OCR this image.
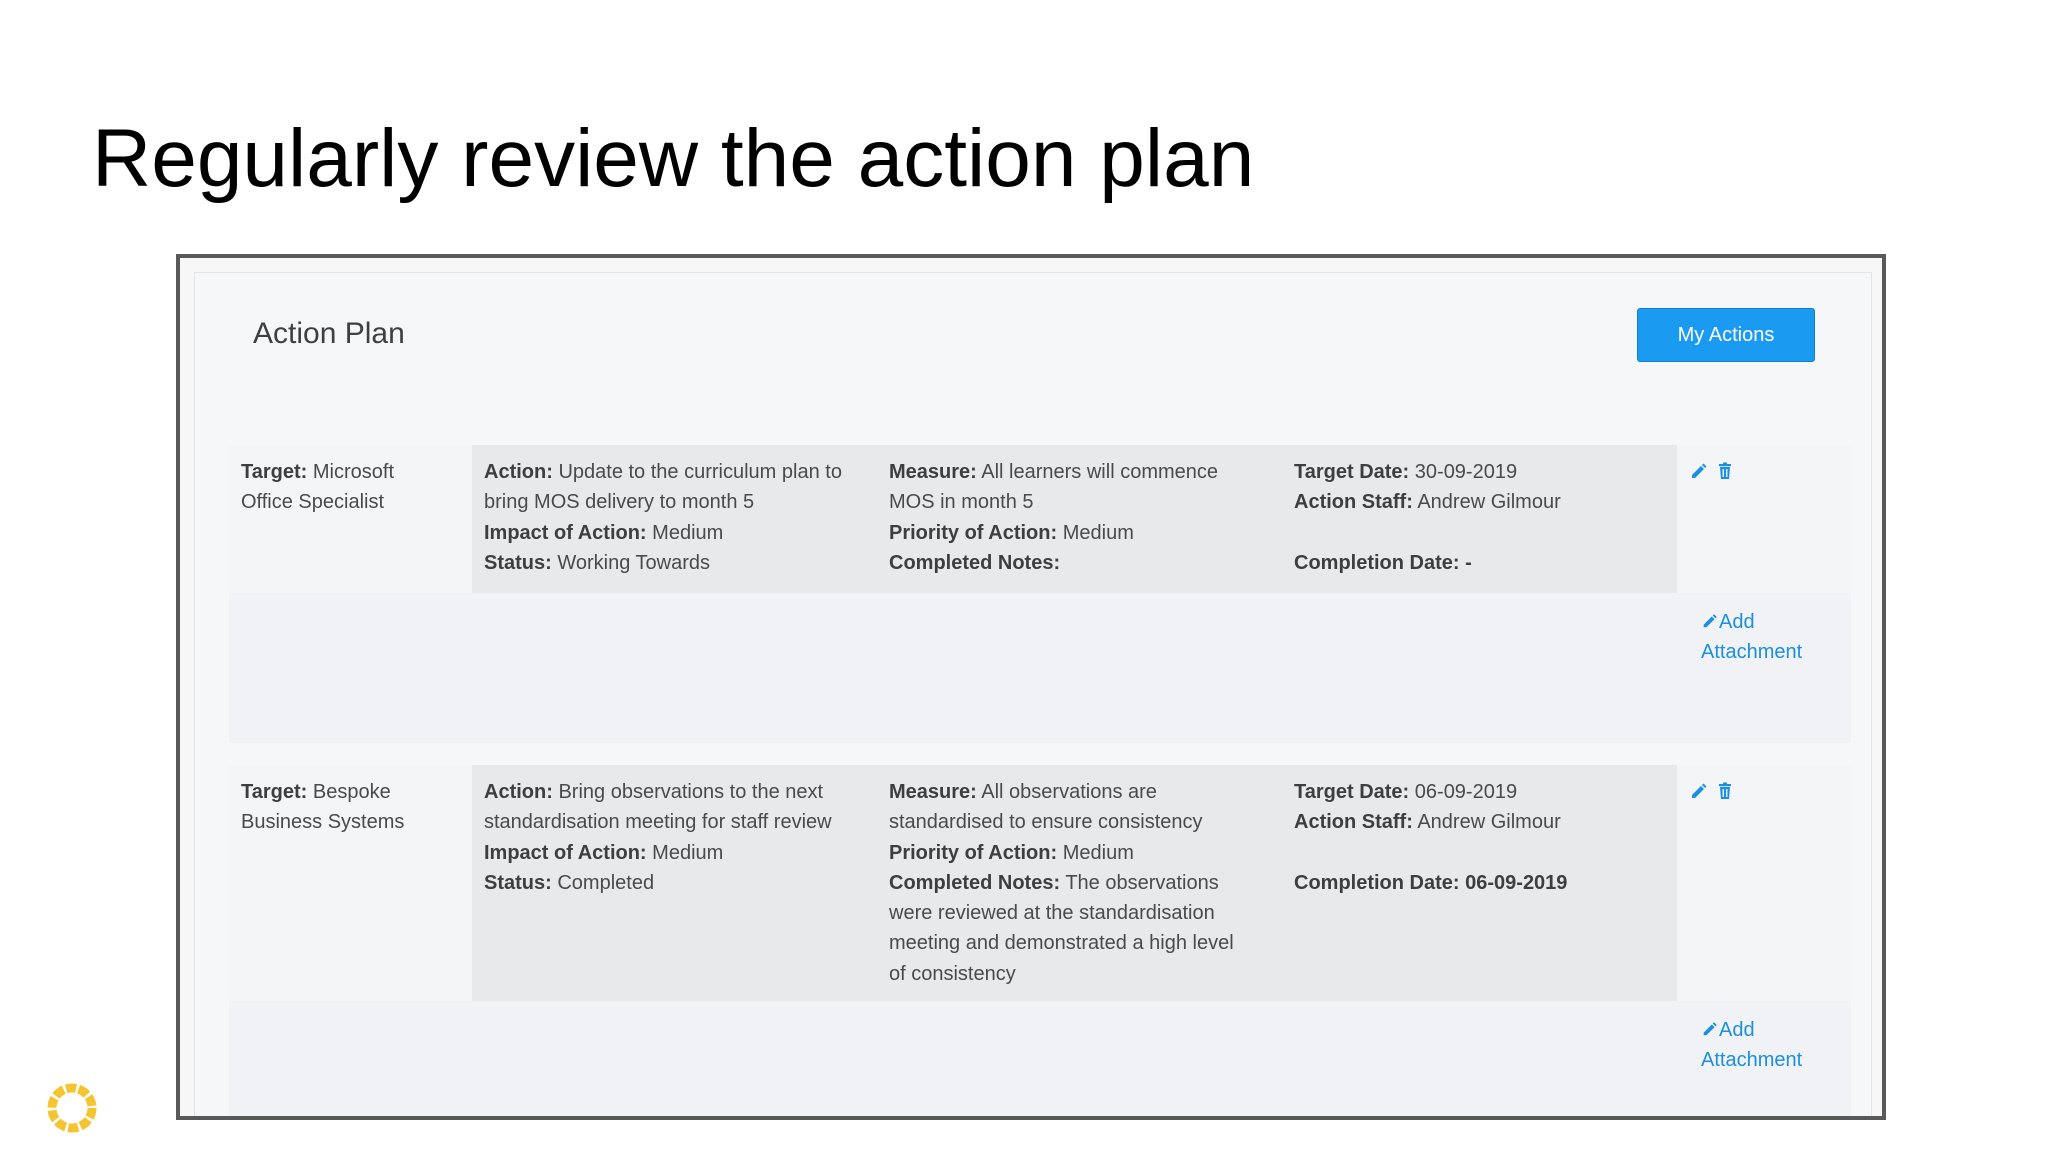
Regularly review the action plan
Action Plan	My Actions
Target: Microsoft
Office Specialist
Action: Update to the curriculum plan to
bring MOS delivery to month 5
Impact of Action: Medium
Status: Working Towards
Measure: All learners will commence
MOS in month 5
Priority of Action: Medium
Completed Notes:
Target Date: 30-09-2019
Action Staff: Andrew Gilmour
Completion Date: -
Add
Attachment
Target: Bespoke
Business Systems
Action: Bring observations to the next
standardisation meeting for staff review
Impact of Action: Medium
Status: Completed
Measure: All observations are
standardised to ensure consistency
Priority of Action: Medium
Completed Notes: The observations
were reviewed at the standardisation
meeting and demonstrated a high level
of consistency
Target Date: 06-09-2019
Action Staff: Andrew Gilmour
Completion Date: 06-09-2019
Add
Attachment
